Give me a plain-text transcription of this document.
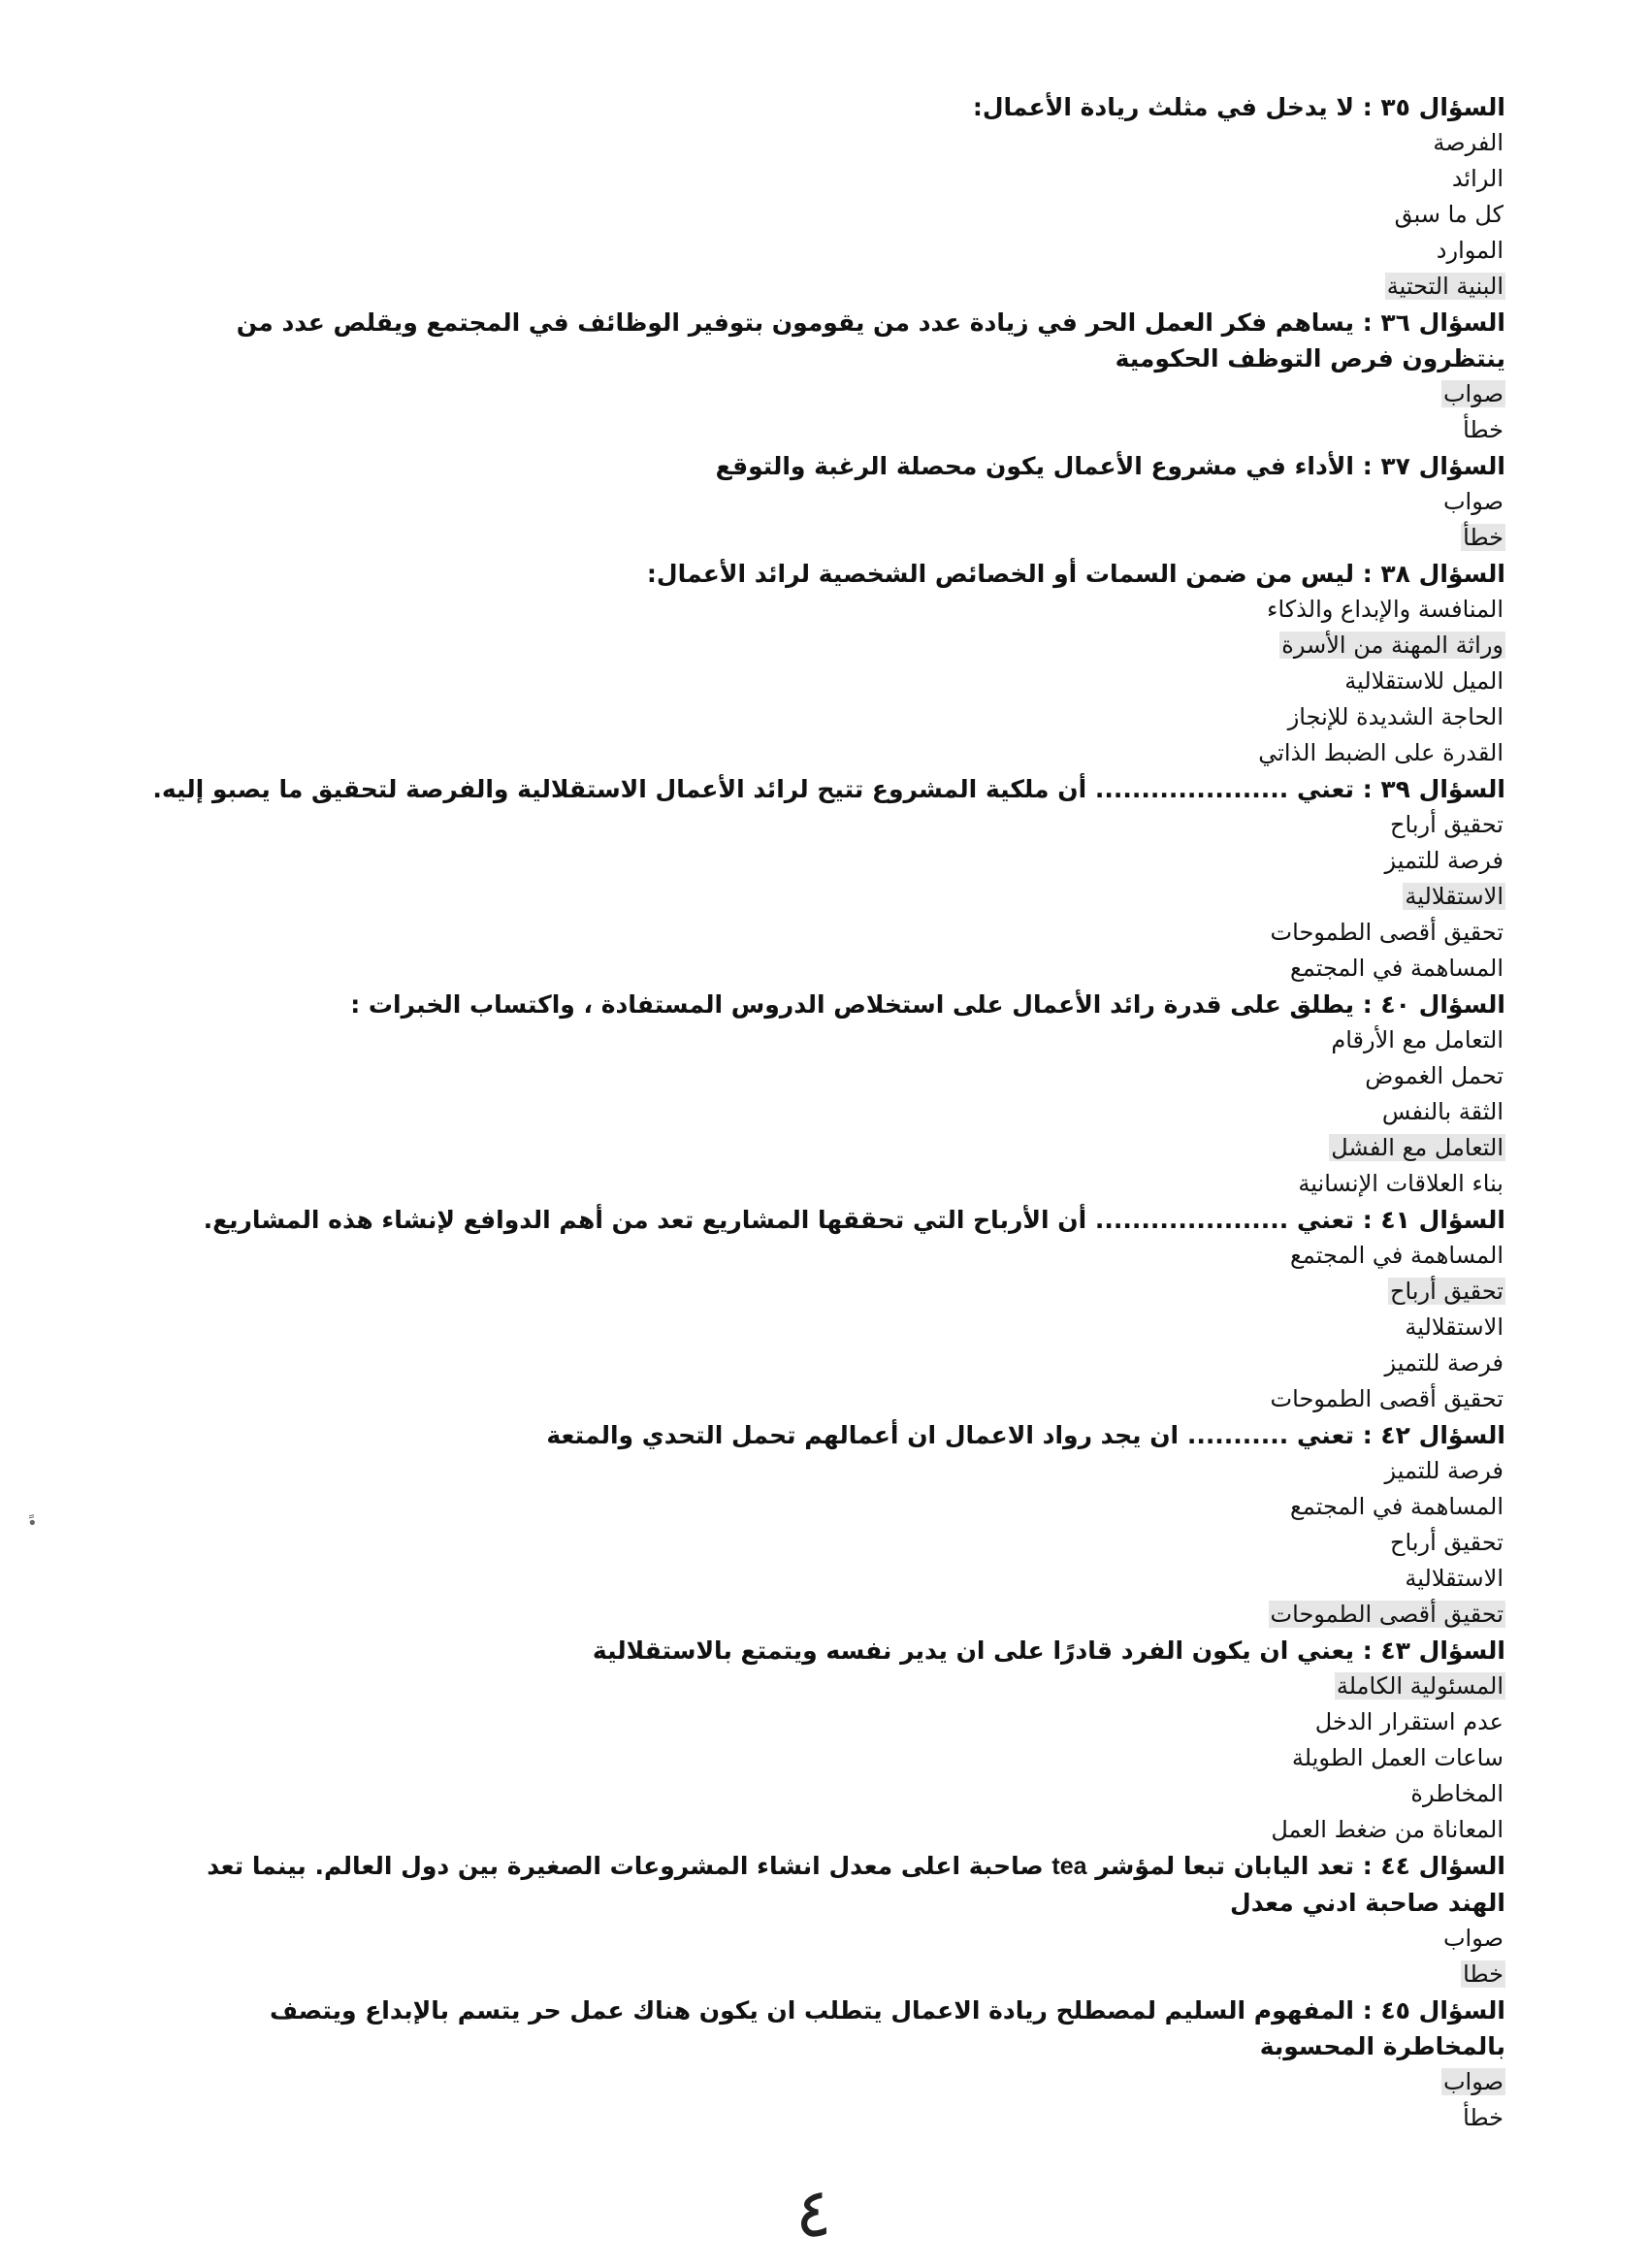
السؤال ٣٥ : لا يدخل في مثلث ريادة الأعمال:
الفرصة
الرائد
كل ما سبق
الموارد
البنية التحتية
السؤال ٣٦ : يساهم فكر العمل الحر في زيادة عدد من يقومون بتوفير الوظائف في المجتمع ويقلص عدد من ينتظرون فرص التوظف الحكومية
صواب
خطأ
السؤال ٣٧ : الأداء في مشروع الأعمال يكون محصلة الرغبة والتوقع
صواب
خطأ
السؤال ٣٨ : ليس من ضمن السمات أو الخصائص الشخصية لرائد الأعمال:
المنافسة والإبداع والذكاء
وراثة المهنة من الأسرة
الميل للاستقلالية
الحاجة الشديدة للإنجاز
القدرة على الضبط الذاتي
السؤال ٣٩ : تعني ..................... أن ملكية المشروع تتيح لرائد الأعمال الاستقلالية والفرصة لتحقيق ما يصبو إليه.
تحقيق أرباح
فرصة للتميز
الاستقلالية
تحقيق أقصى الطموحات
المساهمة في المجتمع
السؤال ٤٠ : يطلق على قدرة رائد الأعمال على استخلاص الدروس المستفادة ، واكتساب الخبرات :
التعامل مع الأرقام
تحمل الغموض
الثقة بالنفس
التعامل مع الفشل
بناء العلاقات الإنسانية
السؤال ٤١ : تعني ..................... أن الأرباح التي تحققها المشاريع تعد من أهم الدوافع لإنشاء هذه المشاريع.
المساهمة في المجتمع
تحقيق أرباح
الاستقلالية
فرصة للتميز
تحقيق أقصى الطموحات
السؤال ٤٢ : تعني ........... ان يجد رواد الاعمال ان أعمالهم تحمل التحدي والمتعة
فرصة للتميز
المساهمة في المجتمع
تحقيق أرباح
الاستقلالية
تحقيق أقصى الطموحات
السؤال ٤٣ : يعني ان يكون الفرد قادرًا على ان يدير نفسه ويتمتع بالاستقلالية
المسئولية الكاملة
عدم استقرار الدخل
ساعات العمل الطويلة
المخاطرة
المعاناة من ضغط العمل
السؤال ٤٤ : تعد اليابان تبعا لمؤشر tea صاحبة اعلى معدل انشاء المشروعات الصغيرة بين دول العالم. بينما تعد الهند صاحبة ادني معدل
صواب
خطا
السؤال ٤٥ : المفهوم السليم لمصطلح ريادة الاعمال يتطلب ان يكون هناك عمل حر يتسم بالإبداع ويتصف بالمخاطرة المحسوبة
صواب
خطأ
ً•
٤
